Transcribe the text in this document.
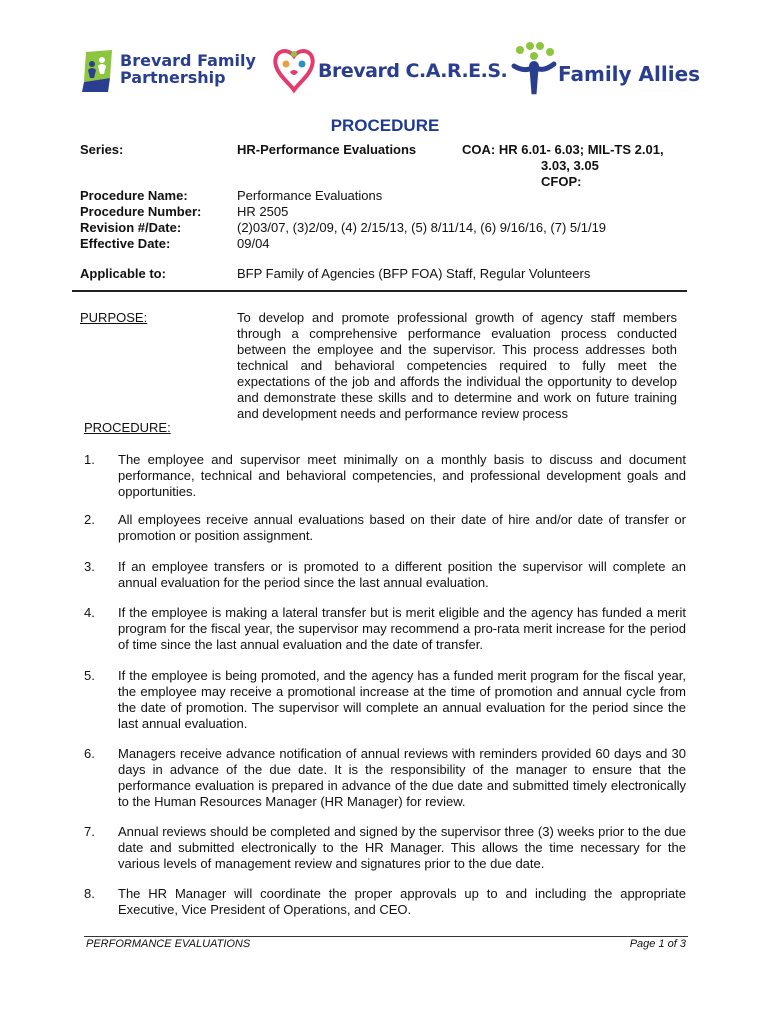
Brevard Family
Partnership	Brevard C.A.R.E.S.	Family Allies
PROCEDURE
Series:	HR-Performance Evaluations	COA: HR 6.01- 6.03; MIL-TS 2.01,
3.03, 3.05
CFOP:
Procedure Name:	Performance Evaluations
Procedure Number:	HR 2505
Revision #/Date:	(2)03/07, (3)2/09, (4) 2/15/13, (5) 8/11/14, (6) 9/16/16, (7) 5/1/19
Effective Date:	09/04
Applicable to:	BFP Family of Agencies (BFP FOA) Staff, Regular Volunteers
PURPOSE:	To develop and promote professional growth of agency staff members through a comprehensive performance evaluation process conducted between the employee and the supervisor. This process addresses both technical and behavioral competencies required to fully meet the expectations of the job and affords the individual the opportunity to develop and demonstrate these skills and to determine and work on future training and development needs and performance review process
PROCEDURE:
1. The employee and supervisor meet minimally on a monthly basis to discuss and document performance, technical and behavioral competencies, and professional development goals and opportunities.
2. All employees receive annual evaluations based on their date of hire and/or date of transfer or promotion or position assignment.
3. If an employee transfers or is promoted to a different position the supervisor will complete an annual evaluation for the period since the last annual evaluation.
4. If the employee is making a lateral transfer but is merit eligible and the agency has funded a merit program for the fiscal year, the supervisor may recommend a pro-rata merit increase for the period of time since the last annual evaluation and the date of transfer.
5. If the employee is being promoted, and the agency has a funded merit program for the fiscal year, the employee may receive a promotional increase at the time of promotion and annual cycle from the date of promotion. The supervisor will complete an annual evaluation for the period since the last annual evaluation.
6. Managers receive advance notification of annual reviews with reminders provided 60 days and 30 days in advance of the due date. It is the responsibility of the manager to ensure that the performance evaluation is prepared in advance of the due date and submitted timely electronically to the Human Resources Manager (HR Manager) for review.
7. Annual reviews should be completed and signed by the supervisor three (3) weeks prior to the due date and submitted electronically to the HR Manager. This allows the time necessary for the various levels of management review and signatures prior to the due date.
8. The HR Manager will coordinate the proper approvals up to and including the appropriate Executive, Vice President of Operations, and CEO.
PERFORMANCE EVALUATIONS	Page 1 of 3
